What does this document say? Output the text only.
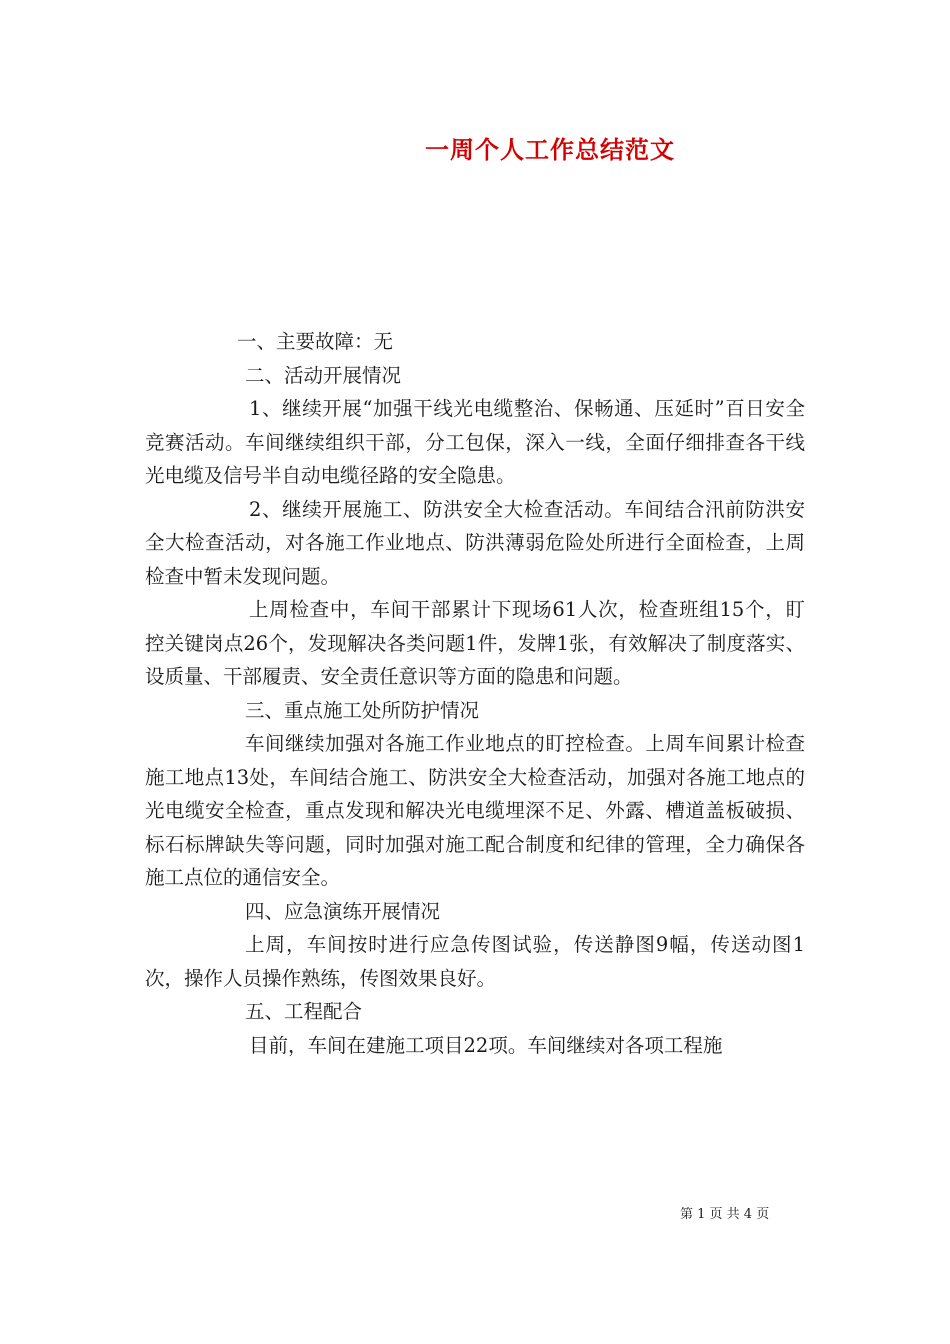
一周个人工作总结范文

一、主要故障：无

二、活动开展情况

1、继续开展“加强干线光电缆整治、保畅通、压延时”百日安全竞赛活动。车间继续组织干部，分工包保，深入一线，全面仔细排查各干线光电缆及信号半自动电缆径路的安全隐患。

2、继续开展施工、防洪安全大检查活动。车间结合汛前防洪安全大检查活动，对各施工作业地点、防洪薄弱危险处所进行全面检查，上周检查中暂未发现问题。

上周检查中，车间干部累计下现场61人次，检查班组15个，盯控关键岗点26个，发现解决各类问题1件，发牌1张，有效解决了制度落实、设质量、干部履责、安全责任意识等方面的隐患和问题。

三、重点施工处所防护情况

车间继续加强对各施工作业地点的盯控检查。上周车间累计检查施工地点13处，车间结合施工、防洪安全大检查活动，加强对各施工地点的光电缆安全检查，重点发现和解决光电缆埋深不足、外露、槽道盖板破损、标石标牌缺失等问题，同时加强对施工配合制度和纪律的管理，全力确保各施工点位的通信安全。

四、应急演练开展情况

上周，车间按时进行应急传图试验，传送静图9幅，传送动图1次，操作人员操作熟练，传图效果良好。

五、工程配合

目前，车间在建施工项目22项。车间继续对各项工程施

第 1 页 共 4 页
